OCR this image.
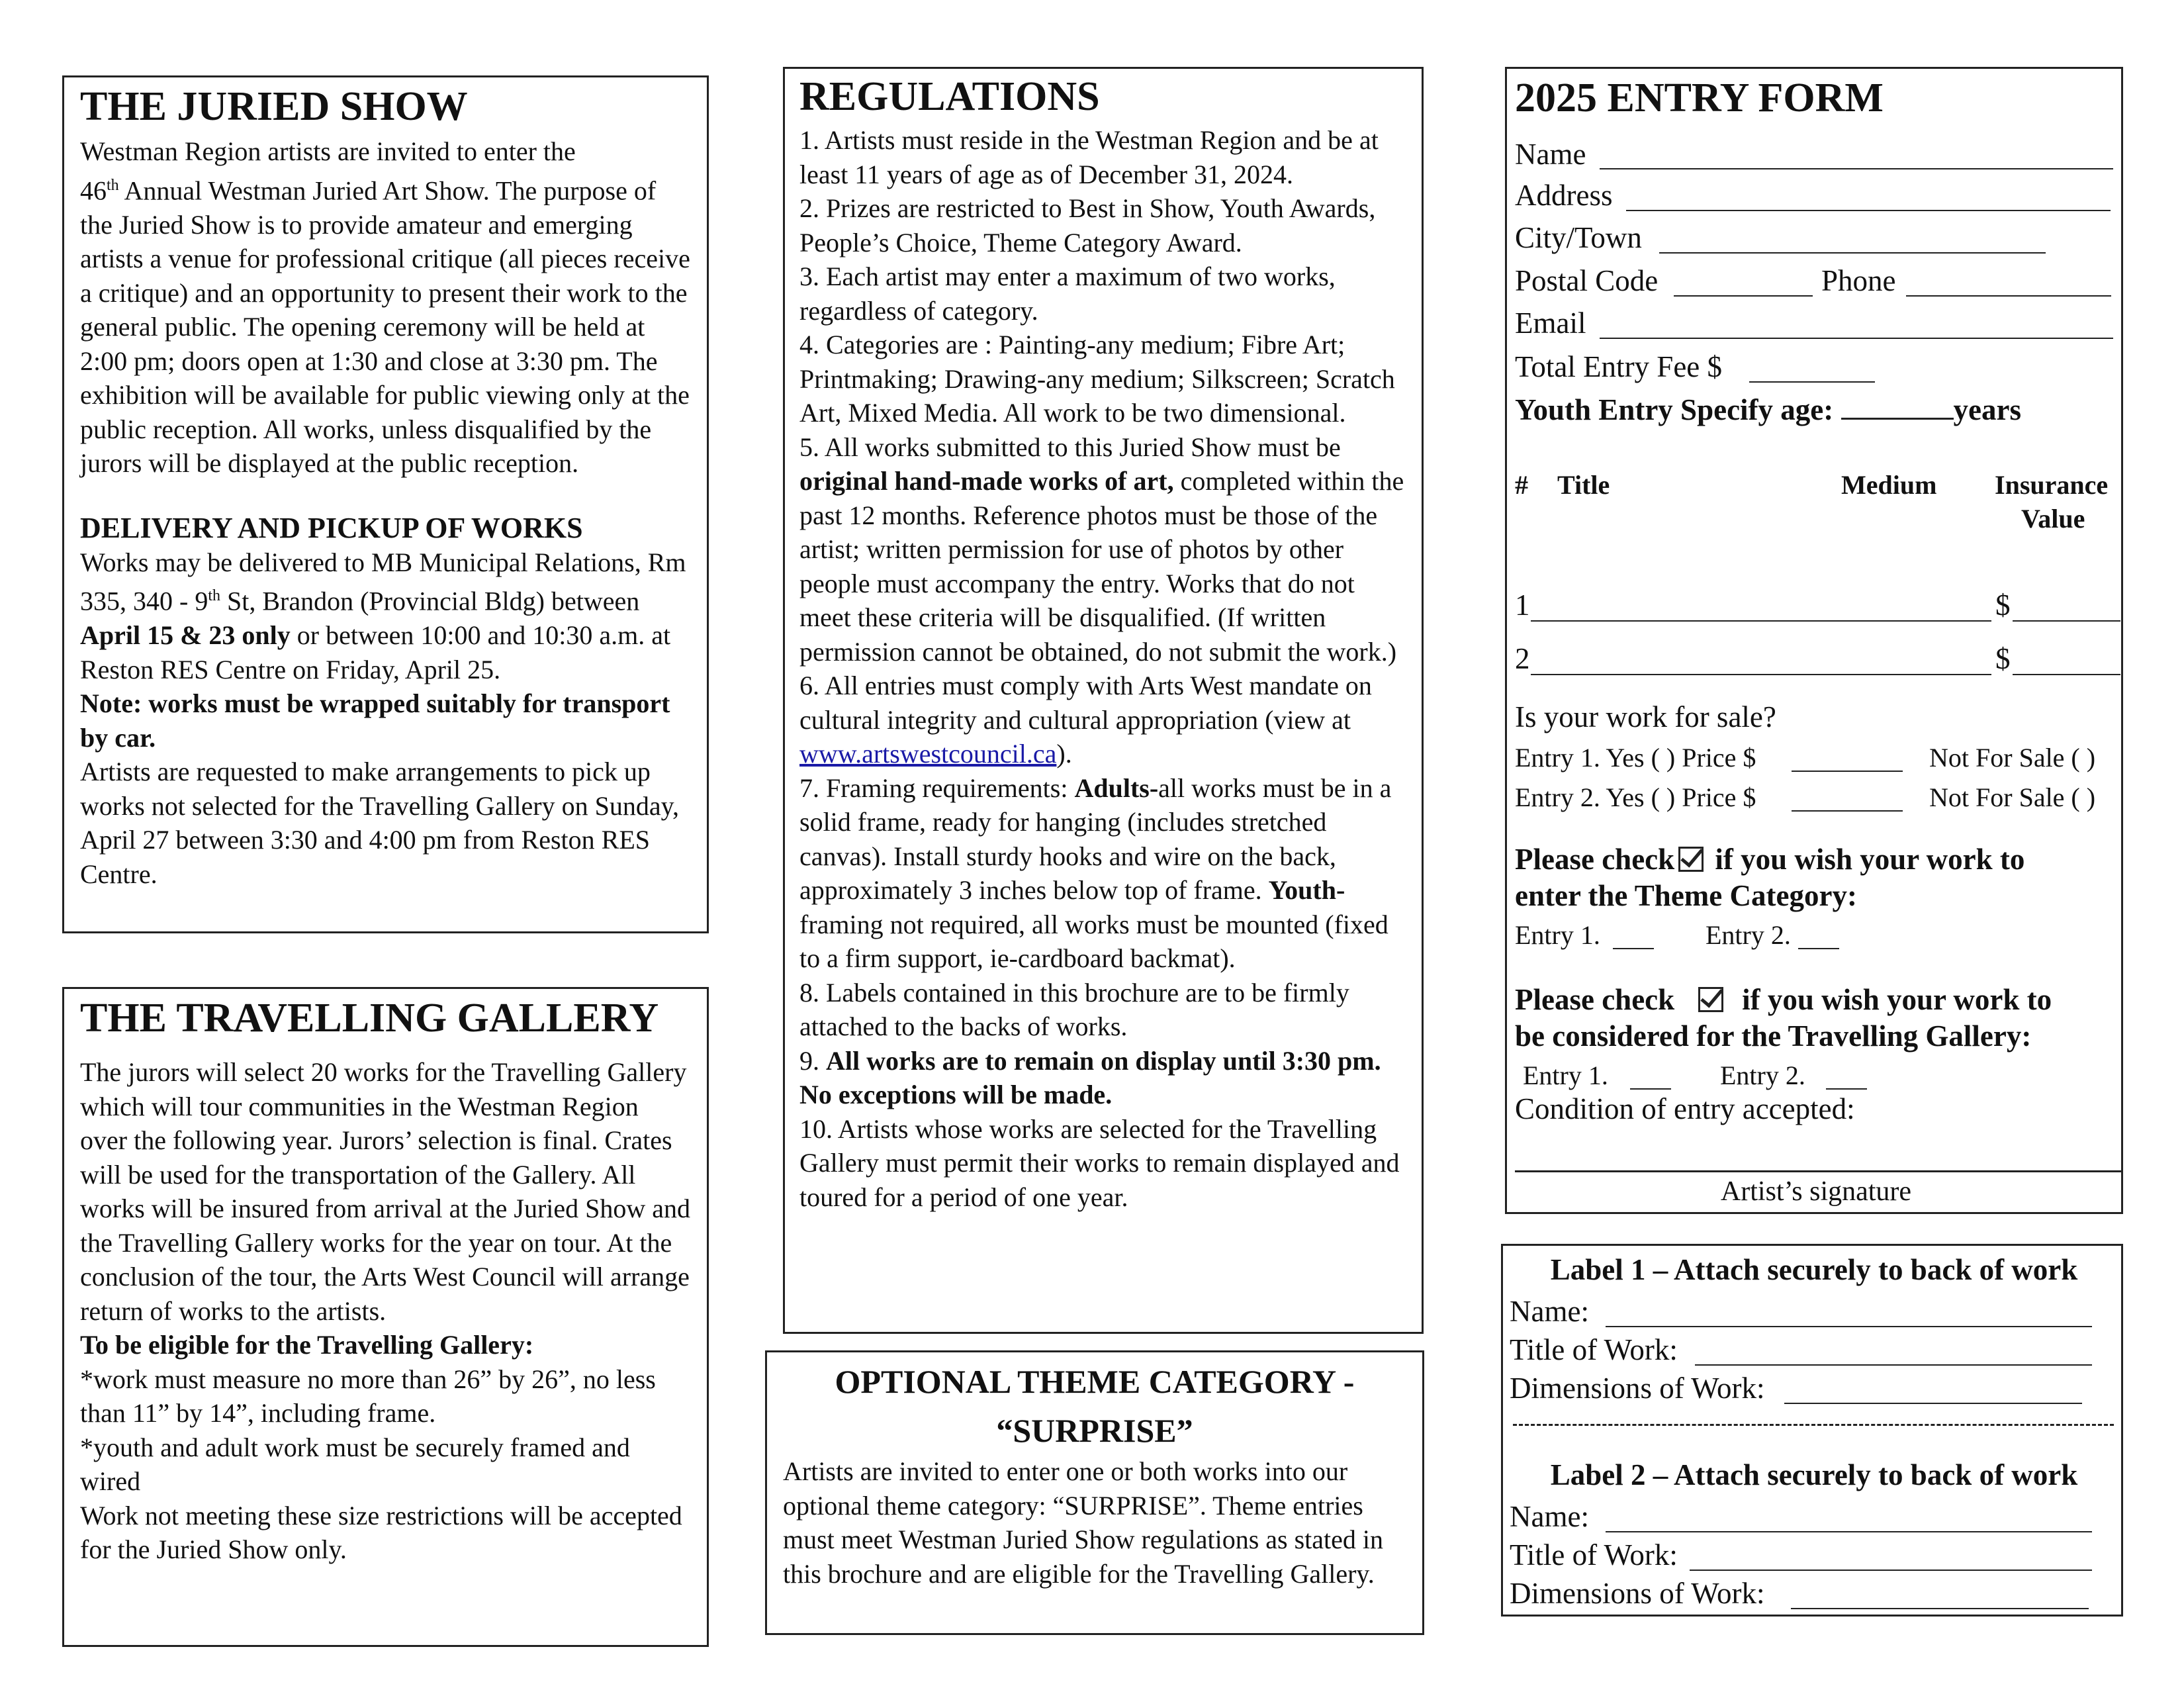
THE JURIED SHOW
Westman Region artists are invited to enter the
46th Annual Westman Juried Art Show. The purpose of the Juried Show is to provide amateur and emerging artists a venue for professional critique (all pieces receive a critique) and an opportunity to present their work to the general public. The opening ceremony will be held at 2:00 pm; doors open at 1:30 and close at 3:30 pm. The exhibition will be available for public viewing only at the public reception. All works, unless disqualified by the jurors will be displayed at the public reception.
DELIVERY AND PICKUP OF WORKS
Works may be delivered to MB Municipal Relations, Rm 335, 340 - 9th St, Brandon (Provincial Bldg) between April 15 & 23 only or between 10:00 and 10:30 a.m. at Reston RES Centre on Friday, April 25.

Note: works must be wrapped suitably for transport by car.

Artists are requested to make arrangements to pick up works not selected for the Travelling Gallery on Sunday, April 27 between 3:30 and 4:00 pm from Reston RES Centre.

THE TRAVELLING GALLERY

The jurors will select 20 works for the Travelling Gallery which will tour communities in the Westman Region over the following year. Jurors’ selection is final. Crates will be used for the transportation of the Gallery. All works will be insured from arrival at the Juried Show and the Travelling Gallery works for the year on tour. At the conclusion of the tour, the Arts West Council will arrange return of works to the artists.

To be eligible for the Travelling Gallery:

*work must measure no more than 26” by 26”, no less than 11” by 14”, including frame.

*youth and adult work must be securely framed and wired

Work not meeting these size restrictions will be accepted for the Juried Show only.

REGULATIONS

1. Artists must reside in the Westman Region and be at least 11 years of age as of December 31, 2024.

2. Prizes are restricted to Best in Show, Youth Awards, People’s Choice, Theme Category Award.

3. Each artist may enter a maximum of two works, regardless of category.

4. Categories are : Painting-any medium; Fibre Art; Printmaking; Drawing-any medium; Silkscreen; Scratch Art, Mixed Media. All work to be two dimensional.

5. All works submitted to this Juried Show must be original hand-made works of art, completed within the past 12 months. Reference photos must be those of the artist; written permission for use of photos by other people must accompany the entry. Works that do not meet these criteria will be disqualified. (If written permission cannot be obtained, do not submit the work.)

6. All entries must comply with Arts West mandate on cultural integrity and cultural appropriation (view at www.artswestcouncil.ca).

7. Framing requirements: Adults-all works must be in a solid frame, ready for hanging (includes stretched canvas). Install sturdy hooks and wire on the back, approximately 3 inches below top of frame. Youth- framing not required, all works must be mounted (fixed to a firm support, ie-cardboard backmat).

8. Labels contained in this brochure are to be firmly attached to the backs of works.

9. All works are to remain on display until 3:30 pm. No exceptions will be made.

10. Artists whose works are selected for the Travelling Gallery must permit their works to remain displayed and toured for a period of one year.

OPTIONAL THEME CATEGORY -
“SURPRISE”

Artists are invited to enter one or both works into our optional theme category: “SURPRISE”. Theme entries must meet Westman Juried Show regulations as stated in this brochure and are eligible for the Travelling Gallery.

2025 ENTRY FORM
Name
Address
City/Town
Postal Code	Phone
Email
Total Entry Fee $
Youth Entry Specify age:	years
# Title	Medium Insurance
Value
1	$
2	$
Is your work for sale?
Entry 1. Yes ( ) Price $	Not For Sale ( )
Entry 2. Yes ( ) Price $	Not For Sale ( )
Please check if you wish your work to
enter the Theme Category:
Entry 1.	Entry 2.
Please check if you wish your work to
be considered for the Travelling Gallery:
Entry 1.	Entry 2.
Condition of entry accepted:
Artist’s signature
Label 1 – Attach securely to back of work
Name:
Title of Work:
Dimensions of Work:
Label 2 – Attach securely to back of work
Name:
Title of Work:
Dimensions of Work:
